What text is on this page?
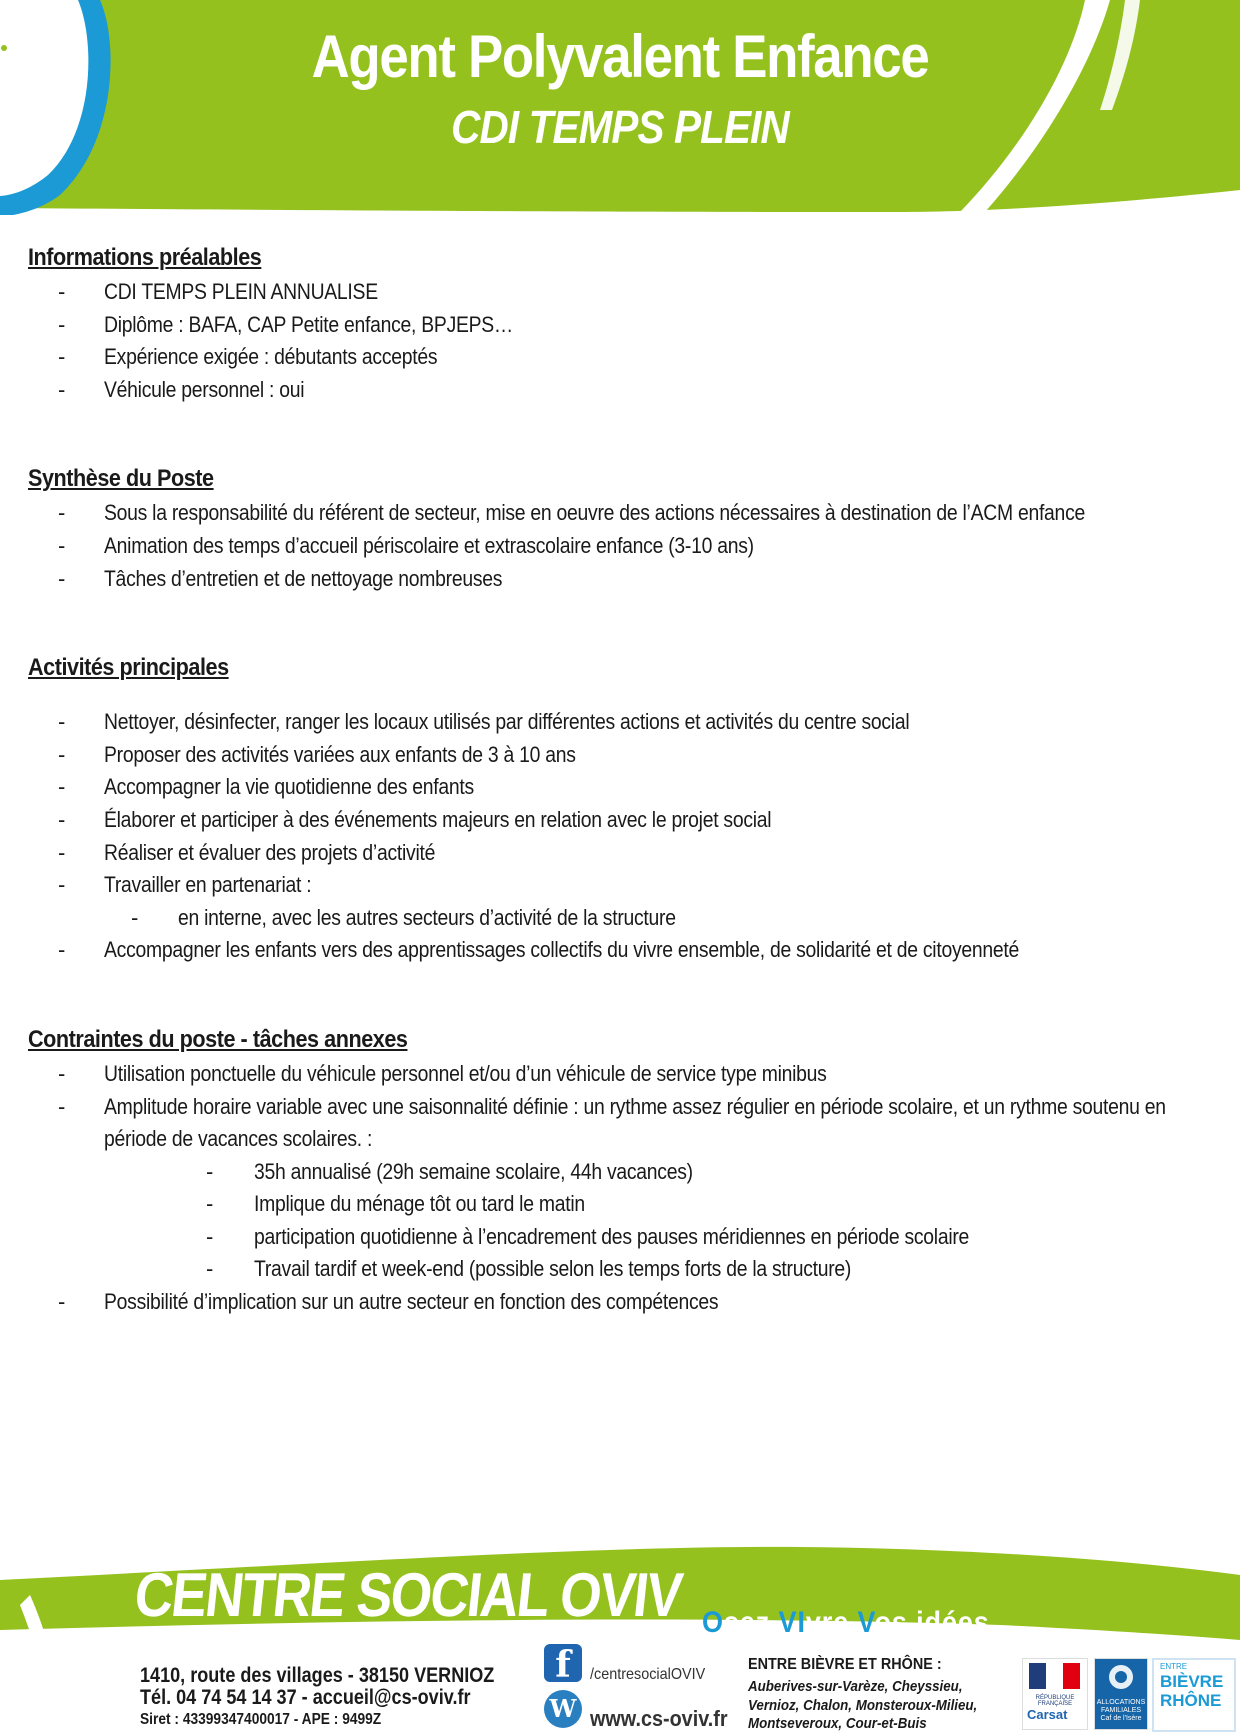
Agent Polyvalent Enfance
CDI TEMPS PLEIN
Informations préalables
- CDI TEMPS PLEIN ANNUALISE
- Diplôme : BAFA, CAP Petite enfance, BPJEPS…
- Expérience exigée : débutants acceptés
- Véhicule personnel : oui
Synthèse du Poste
- Sous la responsabilité du référent de secteur, mise en oeuvre des actions nécessaires à destination de l’ACM enfance
- Animation des temps d’accueil périscolaire et extrascolaire enfance (3-10 ans)
- Tâches d’entretien et de nettoyage nombreuses
Activités principales
- Nettoyer, désinfecter, ranger les locaux utilisés par différentes actions et activités du centre social
- Proposer des activités variées aux enfants de 3 à 10 ans
- Accompagner la vie quotidienne des enfants
- Élaborer et participer à des événements majeurs en relation avec le projet social
- Réaliser et évaluer des projets d’activité
- Travailler en partenariat :
- en interne, avec les autres secteurs d’activité de la structure
- Accompagner les enfants vers des apprentissages collectifs du vivre ensemble, de solidarité et de citoyenneté
Contraintes du poste - tâches annexes
- Utilisation ponctuelle du véhicule personnel et/ou d’un véhicule de service type minibus
- Amplitude horaire variable avec une saisonnalité définie : un rythme assez régulier en période scolaire, et un rythme soutenu en période de vacances scolaires. :
- 35h annualisé (29h semaine scolaire, 44h vacances)
- Implique du ménage tôt ou tard le matin
- participation quotidienne à l’encadrement des pauses méridiennes en période scolaire
- Travail tardif et week-end (possible selon les temps forts de la structure)
- Possibilité d’implication sur un autre secteur en fonction des compétences
CENTRE SOCIAL OVIV
Association 1901	Osez VIvre Vos idées ..........
1410, route des villages - 38150 VERNIOZ
Tél. 04 74 54 14 37 - accueil@cs-oviv.fr
Siret : 43399347400017 - APE : 9499Z
f	/centresocialOVIV
W www.cs-oviv.fr
ENTRE BIÈVRE ET RHÔNE :
Auberives-sur-Varèze, Cheyssieu, Vernioz, Chalon, Monsteroux-Milieu, Montseveroux, Cour-et-Buis
RÉPUBLIQUE FRANÇAISE
Carsat
ALLOCATIONS FAMILIALES Caf de l'Isère
ENTRE
BIÈVRE RHÔNE
